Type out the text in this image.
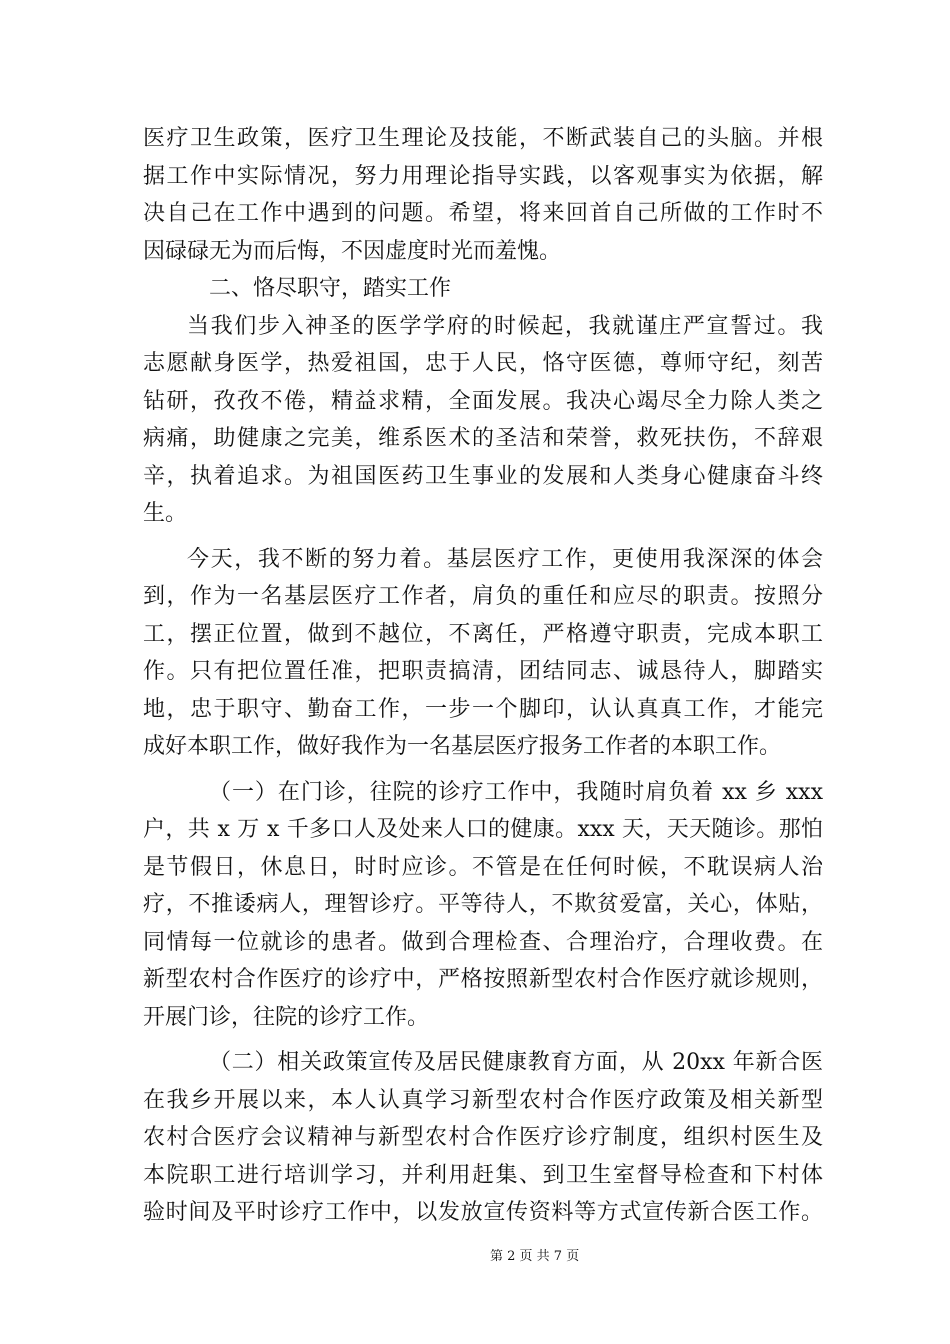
医疗卫生政策，医疗卫生理论及技能，不断武装自己的头脑。并根
据工作中实际情况，努力用理论指导实践，以客观事实为依据，解
决自己在工作中遇到的问题。希望，将来回首自己所做的工作时不
因碌碌无为而后悔，不因虚度时光而羞愧。
二、恪尽职守，踏实工作
当我们步入神圣的医学学府的时候起，我就谨庄严宣誓过。我
志愿献身医学，热爱祖国，忠于人民，恪守医德，尊师守纪，刻苦
钻研，孜孜不倦，精益求精，全面发展。我决心竭尽全力除人类之
病痛，助健康之完美，维系医术的圣洁和荣誉，救死扶伤，不辞艰
辛，执着追求。为祖国医药卫生事业的发展和人类身心健康奋斗终
生。
今天，我不断的努力着。基层医疗工作，更使用我深深的体会
到，作为一名基层医疗工作者，肩负的重任和应尽的职责。按照分
工，摆正位置，做到不越位，不离任，严格遵守职责，完成本职工
作。只有把位置任准，把职责搞清，团结同志、诚恳待人，脚踏实
地，忠于职守、勤奋工作，一步一个脚印，认认真真工作，才能完
成好本职工作，做好我作为一名基层医疗报务工作者的本职工作。
（一）在门诊，往院的诊疗工作中，我随时肩负着 xx 乡 xxx
户，共 x 万 x 千多口人及处来人口的健康。xxx 天，天天随诊。那怕
是节假日，休息日，时时应诊。不管是在任何时候，不耽误病人治
疗，不推诿病人，理智诊疗。平等待人，不欺贫爱富，关心，体贴，
同情每一位就诊的患者。做到合理检查、合理治疗，合理收费。在
新型农村合作医疗的诊疗中，严格按照新型农村合作医疗就诊规则，
开展门诊，往院的诊疗工作。
（二）相关政策宣传及居民健康教育方面，从 20xx 年新合医
在我乡开展以来，本人认真学习新型农村合作医疗政策及相关新型
农村合医疗会议精神与新型农村合作医疗诊疗制度，组织村医生及
本院职工进行培训学习，并利用赶集、到卫生室督导检查和下村体
验时间及平时诊疗工作中，以发放宣传资料等方式宣传新合医工作。
第 2 页 共 7 页
